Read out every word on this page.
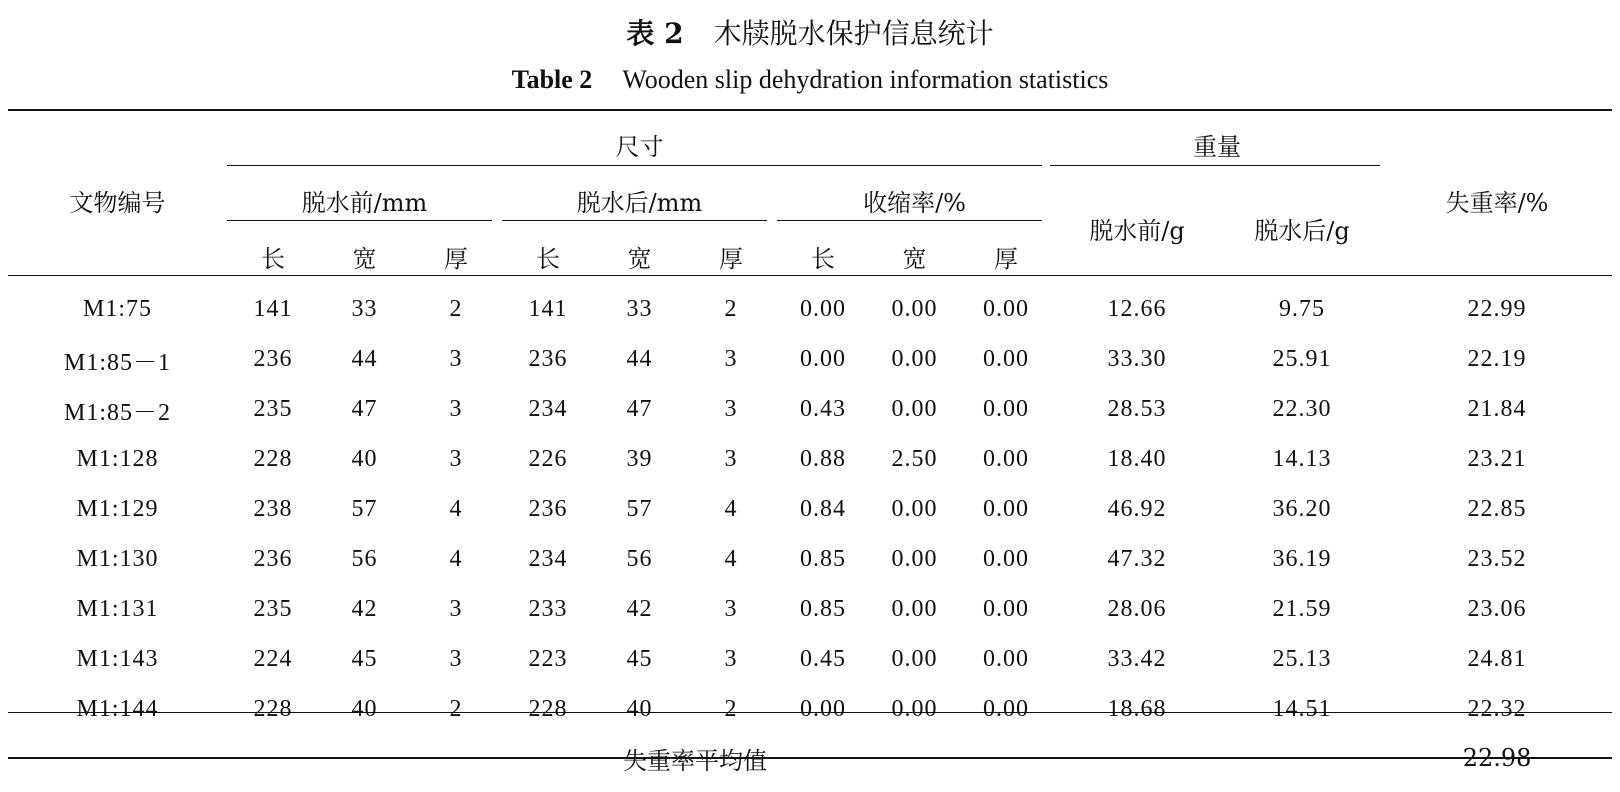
表 2 木牍脱水保护信息统计
Table 2 Wooden slip dehydration information statistics
文物编号	尺寸									重量		失重率/%
	脱水前/mm			脱水后/mm			收缩率/%			脱水前/g	脱水后/g	
	长	宽	厚	长	宽	厚	长	宽	厚			
M1:75	141	33	2	141	33	2	0.00	0.00	0.00	12.66	9.75	22.99
M1:85－1	236	44	3	236	44	3	0.00	0.00	0.00	33.30	25.91	22.19
M1:85－2	235	47	3	234	47	3	0.43	0.00	0.00	28.53	22.30	21.84
M1:128	228	40	3	226	39	3	0.88	2.50	0.00	18.40	14.13	23.21
M1:129	238	57	4	236	57	4	0.84	0.00	0.00	46.92	36.20	22.85
M1:130	236	56	4	234	56	4	0.85	0.00	0.00	47.32	36.19	23.52
M1:131	235	42	3	233	42	3	0.85	0.00	0.00	28.06	21.59	23.06
M1:143	224	45	3	223	45	3	0.45	0.00	0.00	33.42	25.13	24.81
M1:144	228	40	2	228	40	2	0.00	0.00	0.00	18.68	14.51	22.32
失重率平均值												22.98
